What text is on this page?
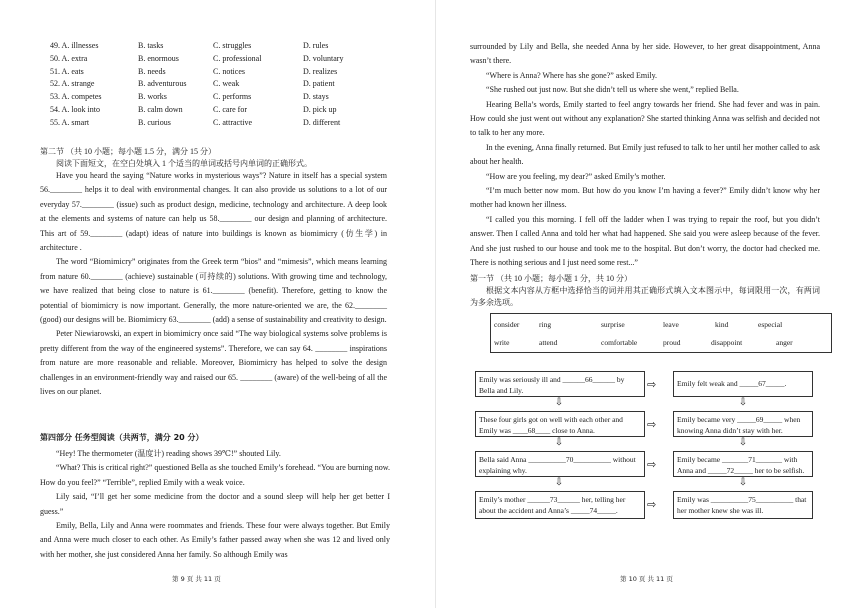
49. A. illnesses	B. tasks	C. struggles	D. rules
50. A. extra	B. enormous	C. professional	D. voluntary
51. A. eats	B. needs	C. notices	D. realizes
52. A. strange	B. adventurous	C. weak	D. patient
53. A. competes	B. works	C. performs	D. stays
54. A. look into	B. calm down	C. care for	D. pick up
55. A. smart	B. curious	C. attractive	D. different
第二节 （共 10 小题；每小题 1.5 分，满分 15 分）
阅读下面短文，在空白处填入 1 个适当的单词或括号内单词的正确形式。

Have you heard the saying “Nature works in mysterious ways”? Nature in itself has a special system 56.________ helps it to deal with environmental changes. It can also provide us solutions to a lot of our everyday 57.________ (issue) such as product design, medicine, technology and architecture. A deep look at the elements and systems of nature can help us 58.________ our design and planning of architecture. This art of 59.________ (adapt) ideas of nature into buildings is known as biomimicry (仿生学) in architecture .

The word “Biomimicry” originates from the Greek term “bios” and “mimesis”, which means learning from nature 60.________ (achieve) sustainable (可持续的) solutions. With growing time and technology, we have realized that being close to nature is 61.________ (benefit). Therefore, getting to know the potential of biomimicry is now important. Generally, the more nature-oriented we are, the 62.________ (good) our designs will be. Biomimicry 63.________ (add) a sense of sustainability and creativity to design.

Peter Niewiarowski, an expert in biomimicry once said “The way biological systems solve problems is pretty different from the way of the engineered systems”. Therefore, we can say 64. ________ inspirations from nature are more reasonable and reliable. Moreover, Biomimicry has helped to solve the design challenges in an environment-friendly way and raised our 65. ________ (aware) of the well-being of all the lives on our planet.

第四部分 任务型阅读（共两节，满分 20 分）

“Hey! The thermometer (温度计) reading shows 39℃!” shouted Lily.

“What? This is critical right?” questioned Bella as she touched Emily’s forehead. “You are burning now. How do you feel?” “Terrible”, replied Emily with a weak voice.

Lily said, “I’ll get her some medicine from the doctor and a sound sleep will help her get better I guess.”

Emily, Bella, Lily and Anna were roommates and friends. These four were always together. But Emily and Anna were much closer to each other. As Emily’s father passed away when she was 12 and lived only with her mother, she just considered Anna her family. So although Emily was

第 9 页 共 11 页

surrounded by Lily and Bella, she needed Anna by her side. However, to her great disappointment, Anna wasn’t there.

“Where is Anna? Where has she gone?” asked Emily.

“She rushed out just now. But she didn’t tell us where she went,” replied Bella.

Hearing Bella’s words, Emily started to feel angry towards her friend. She had fever and was in pain. How could she just went out without any explanation? She started thinking Anna was selfish and decided not to talk to her any more.

In the evening, Anna finally returned. But Emily just refused to talk to her until her mother called to ask about her health.

“How are you feeling, my dear?” asked Emily’s mother.

“I’m much better now mom. But how do you know I’m having a fever?” Emily didn’t know why her mother had known her illness.

“I called you this morning. I fell off the ladder when I was trying to repair the roof, but you didn’t answer. Then I called Anna and told her what had happened. She said you were asleep because of the fever. And she just rushed to our house and took me to the hospital. But don’t worry, the doctor had checked me. There is nothing serious and I just need some rest...”

第一节 （共 10 小题；每小题 1 分，共 10 分）

根据文本内容从方框中选择恰当的词并用其正确形式填入文本图示中，每词限用一次，有两词为多余选项。

consider	ring	surprise	leave	kind	especial
write	attend	comfortable	proud	disappoint	anger
Emily was seriously ill and ______66______ by Bella and Lily.
⇩
These four girls got on well with each other and Emily was ____68____ close to Anna.
⇩
Bella said Anna __________70__________ without explaining why.
⇩
Emily’s mother ______73______ her, telling her about the accident and Anna’s _____74_____.
⇨
⇨
⇨
⇨
Emily felt weak and _____67_____.
⇩
Emily became very _____69_____ when knowing Anna didn’t stay with her.
⇩
Emily became _______71_______ with Anna and _____72_____ her to be selfish.
⇩
Emily was __________75__________ that her mother knew she was ill.
第 10 页 共 11 页
